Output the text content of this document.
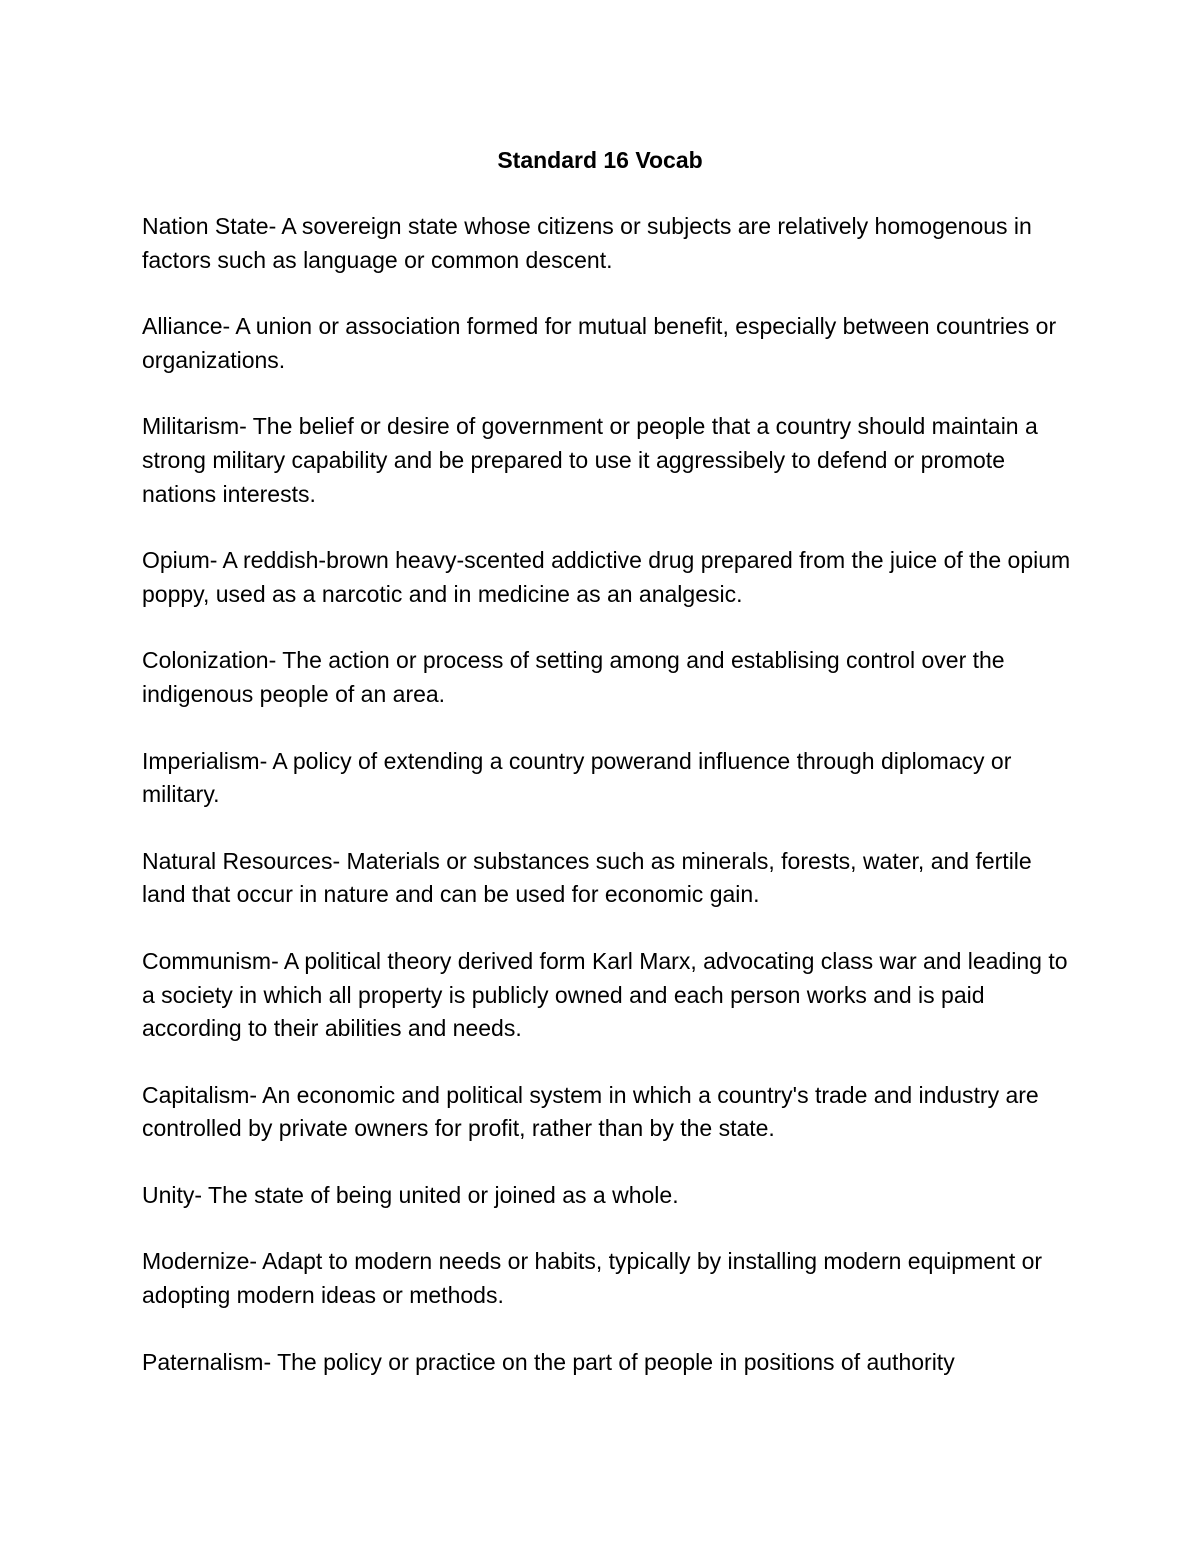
Standard 16 Vocab

Nation State- A sovereign state whose citizens or subjects are relatively homogenous in factors such as language or common descent.

Alliance- A union or association formed for mutual benefit, especially between countries or organizations.

Militarism- The belief or desire of government or people that a country should maintain a strong military capability and be prepared to use it aggressibely to defend or promote nations interests.

Opium- A reddish-brown heavy-scented addictive drug prepared from the juice of the opium poppy, used as a narcotic and in medicine as an analgesic.

Colonization- The action or process of setting among and establising control over the indigenous people of an area.

Imperialism- A policy of extending a country powerand influence through diplomacy or military.

Natural Resources- Materials or substances such as minerals, forests, water, and fertile land that occur in nature and can be used for economic gain.

Communism- A political theory derived form Karl Marx, advocating class war and leading to a society in which all property is publicly owned and each person works and is paid according to their abilities and needs.

Capitalism- An economic and political system in which a country's trade and industry are controlled by private owners for profit, rather than by the state.

Unity- The state of being united or joined as a whole.

Modernize- Adapt to modern needs or habits, typically by installing modern equipment or adopting modern ideas or methods.

Paternalism- The policy or practice on the part of people in positions of authority
